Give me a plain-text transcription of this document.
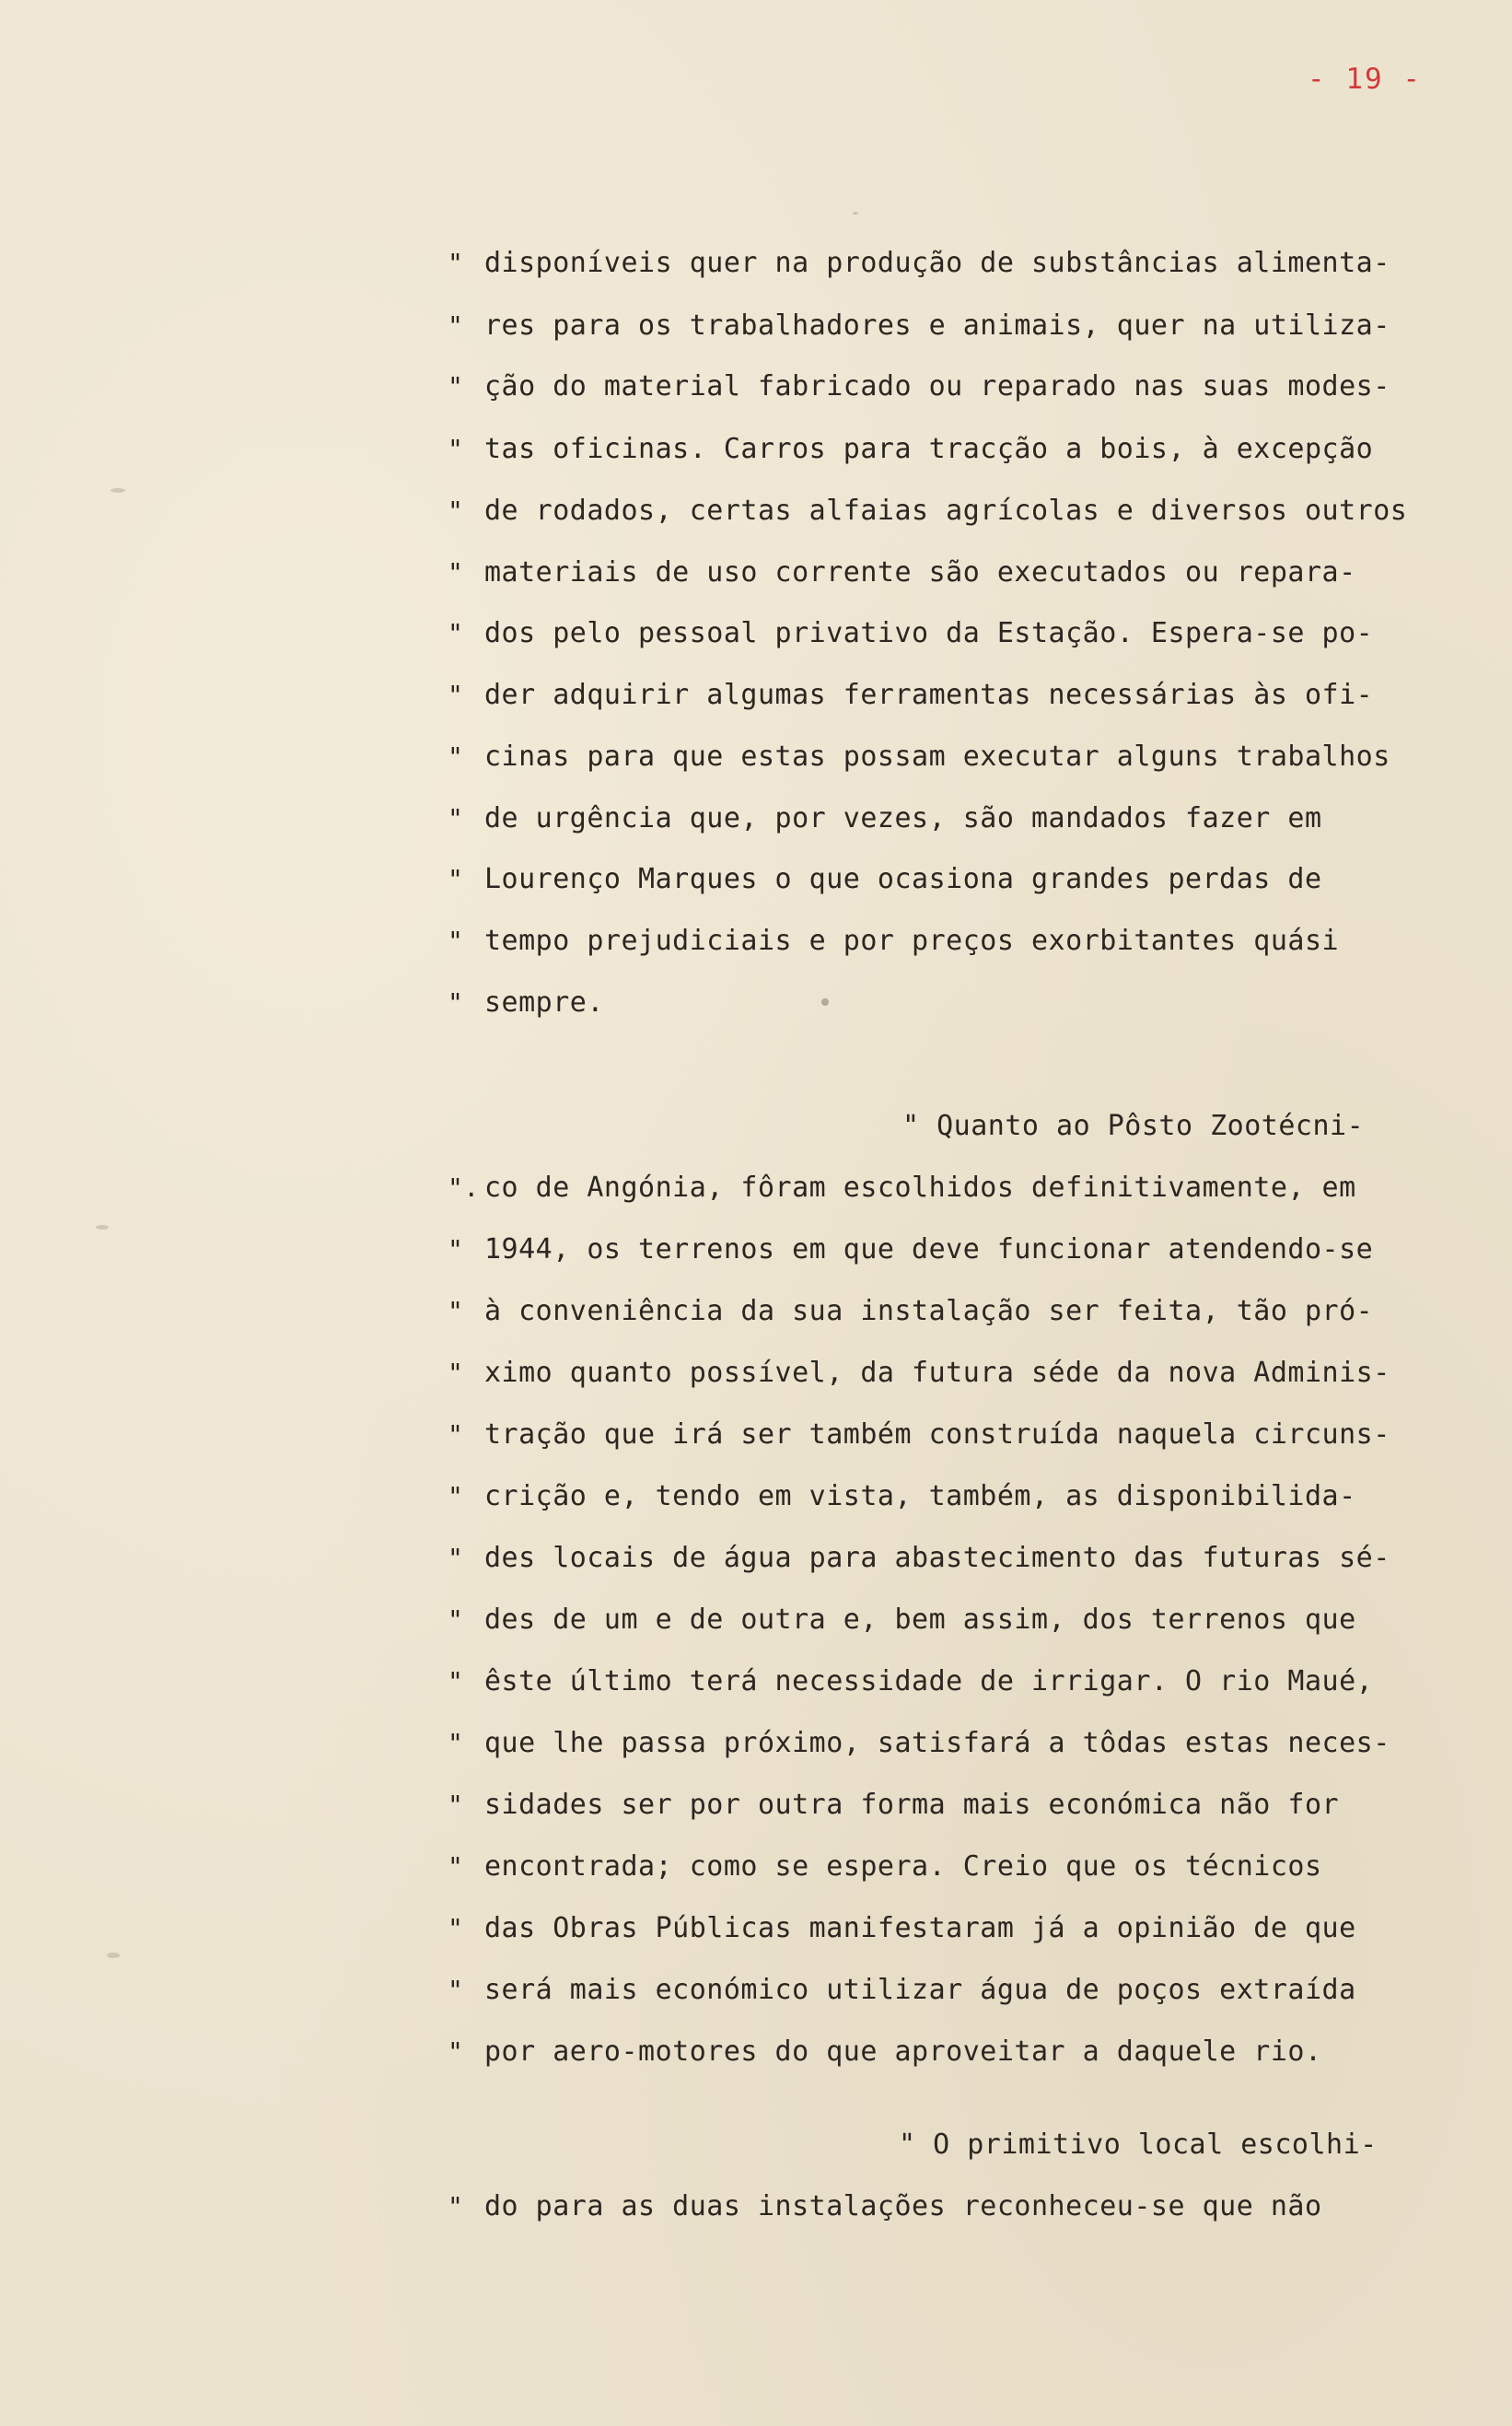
- 19 -
" disponíveis quer na produção de substâncias alimenta-
" res para os trabalhadores e animais, quer na utiliza-
" ção do material fabricado ou reparado nas suas modes-
" tas oficinas. Carros para tracção a bois, à excepção
" de rodados, certas alfaias agrícolas e diversos outros
" materiais de uso corrente são executados ou repara-
" dos pelo pessoal privativo da Estação. Espera-se po-
" der adquirir algumas ferramentas necessárias às ofi-
" cinas para que estas possam executar alguns trabalhos
" de urgência que, por vezes, são mandados fazer em
" Lourenço Marques o que ocasiona grandes perdas de
" tempo prejudiciais e por preços exorbitantes quási
" sempre.
" Quanto ao Pôsto Zootécni-
". co de Angónia, fôram escolhidos definitivamente, em
" 1944, os terrenos em que deve funcionar atendendo-se
" à conveniência da sua instalação ser feita, tão pró-
" ximo quanto possível, da futura séde da nova Adminis-
" tração que irá ser também construída naquela circuns-
" crição e, tendo em vista, também, as disponibilida-
" des locais de água para abastecimento das futuras sé-
" des de um e de outra e, bem assim, dos terrenos que
" êste último terá necessidade de irrigar. O rio Maué,
" que lhe passa próximo, satisfará a tôdas estas neces-
" sidades ser por outra forma mais económica não for
" encontrada; como se espera. Creio que os técnicos
" das Obras Públicas manifestaram já a opinião de que
" será mais económico utilizar água de poços extraída
" por aero-motores do que aproveitar a daquele rio.
" O primitivo local escolhi-
" do para as duas instalações reconheceu-se que não
